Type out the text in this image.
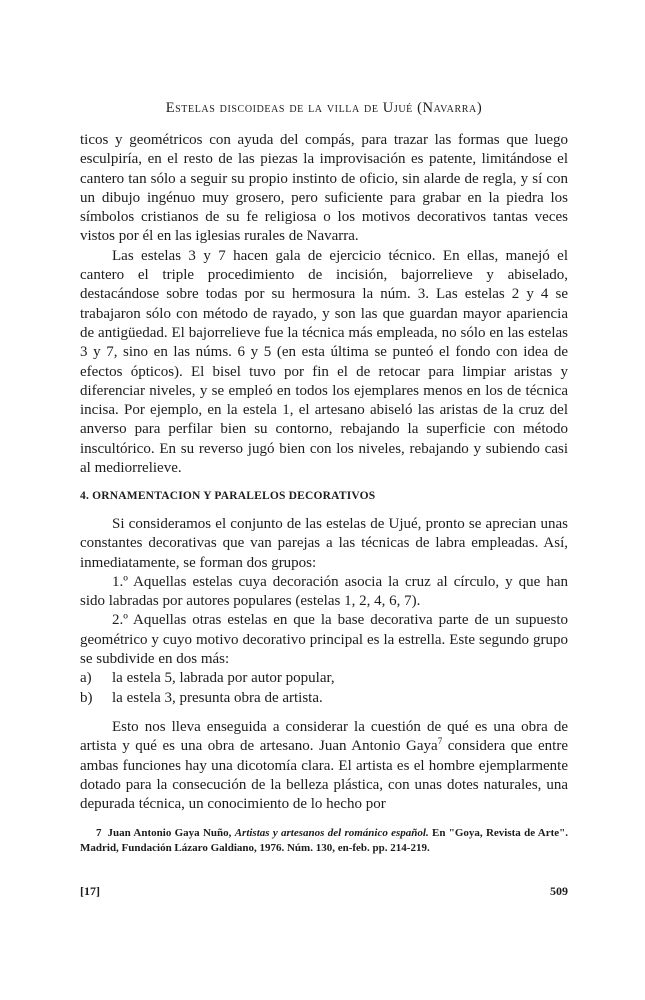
Estelas discoideas de la villa de Ujué (Navarra)

ticos y geométricos con ayuda del compás, para trazar las formas que luego esculpiría, en el resto de las piezas la improvisación es patente, limitándose el cantero tan sólo a seguir su propio instinto de oficio, sin alarde de regla, y sí con un dibujo ingénuo muy grosero, pero suficiente para grabar en la piedra los símbolos cristianos de su fe religiosa o los motivos decorativos tantas veces vistos por él en las iglesias rurales de Navarra.

Las estelas 3 y 7 hacen gala de ejercicio técnico. En ellas, manejó el cantero el triple procedimiento de incisión, bajorrelieve y abiselado, destacándose sobre todas por su hermosura la núm. 3. Las estelas 2 y 4 se trabajaron sólo con método de rayado, y son las que guardan mayor apariencia de antigüedad. El bajorrelieve fue la técnica más empleada, no sólo en las estelas 3 y 7, sino en las núms. 6 y 5 (en esta última se punteó el fondo con idea de efectos ópticos). El bisel tuvo por fin el de retocar para limpiar aristas y diferenciar niveles, y se empleó en todos los ejemplares menos en los de técnica incisa. Por ejemplo, en la estela 1, el artesano abiseló las aristas de la cruz del anverso para perfilar bien su contorno, rebajando la superficie con método inscultórico. En su reverso jugó bien con los niveles, rebajando y subiendo casi al mediorrelieve.

4. ORNAMENTACION Y PARALELOS DECORATIVOS

Si consideramos el conjunto de las estelas de Ujué, pronto se aprecian unas constantes decorativas que van parejas a las técnicas de labra empleadas. Así, inmediatamente, se forman dos grupos:

1.º Aquellas estelas cuya decoración asocia la cruz al círculo, y que han sido labradas por autores populares (estelas 1, 2, 4, 6, 7).

2.º Aquellas otras estelas en que la base decorativa parte de un supuesto geométrico y cuyo motivo decorativo principal es la estrella. Este segundo grupo se subdivide en dos más:

a) la estela 5, labrada por autor popular,

b) la estela 3, presunta obra de artista.

Esto nos lleva enseguida a considerar la cuestión de qué es una obra de artista y qué es una obra de artesano. Juan Antonio Gaya$^7$ considera que entre ambas funciones hay una dicotomía clara. El artista es el hombre ejemplarmente dotado para la consecución de la belleza plástica, con unas dotes naturales, una depurada técnica, un conocimiento de lo hecho por

7 Juan Antonio Gaya Nuño, Artistas y artesanos del románico español. En "Goya, Revista de Arte". Madrid, Fundación Lázaro Galdiano, 1976. Núm. 130, en-feb. pp. 214-219.
[17]	509
